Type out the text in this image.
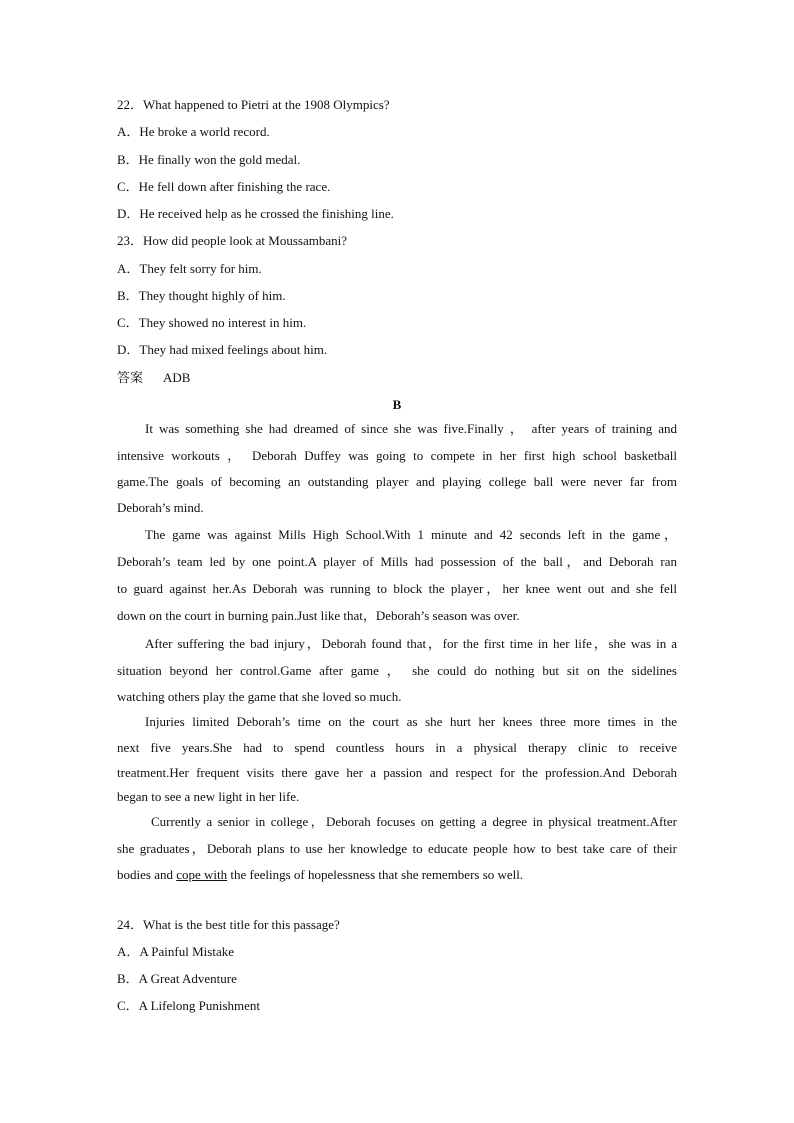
22．What happened to Pietri at the 1908 Olympics?
A．He broke a world record.
B．He finally won the gold medal.
C．He fell down after finishing the race.
D．He received help as he crossed the finishing line.
23．How did people look at Moussambani?
A．They felt sorry for him.
B．They thought highly of him.
C．They showed no interest in him.
D．They had mixed feelings about him.
答案 ADB
B
It was something she had dreamed of since she was five.Finally ， after years of training and
intensive workouts ， Deborah Duffey was going to compete in her first high school basketball
game.The goals of becoming an outstanding player and playing college ball were never far from
Deborah’s mind.
The game was against Mills High School.With 1 minute and 42 seconds left in the game，
Deborah’s team led by one point.A player of Mills had possession of the ball，and Deborah ran
to guard against her.As Deborah was running to block the player，her knee went out and she fell
down on the court in burning pain.Just like that，Deborah’s season was over.
After suffering the bad injury，Deborah found that，for the first time in her life，she was in a
situation beyond her control.Game after game ， she could do nothing but sit on the sidelines
watching others play the game that she loved so much.
Injuries limited Deborah’s time on the court as she hurt her knees three more times in the
next five years.She had to spend countless hours in a physical therapy clinic to receive
treatment.Her frequent visits there gave her a passion and respect for the profession.And Deborah
began to see a new light in her life.
Currently a senior in college，Deborah focuses on getting a degree in physical treatment.After
she graduates，Deborah plans to use her knowledge to educate people how to best take care of their
bodies and cope with the feelings of hopelessness that she remembers so well.
24．What is the best title for this passage?
A．A Painful Mistake
B．A Great Adventure
C．A Lifelong Punishment
